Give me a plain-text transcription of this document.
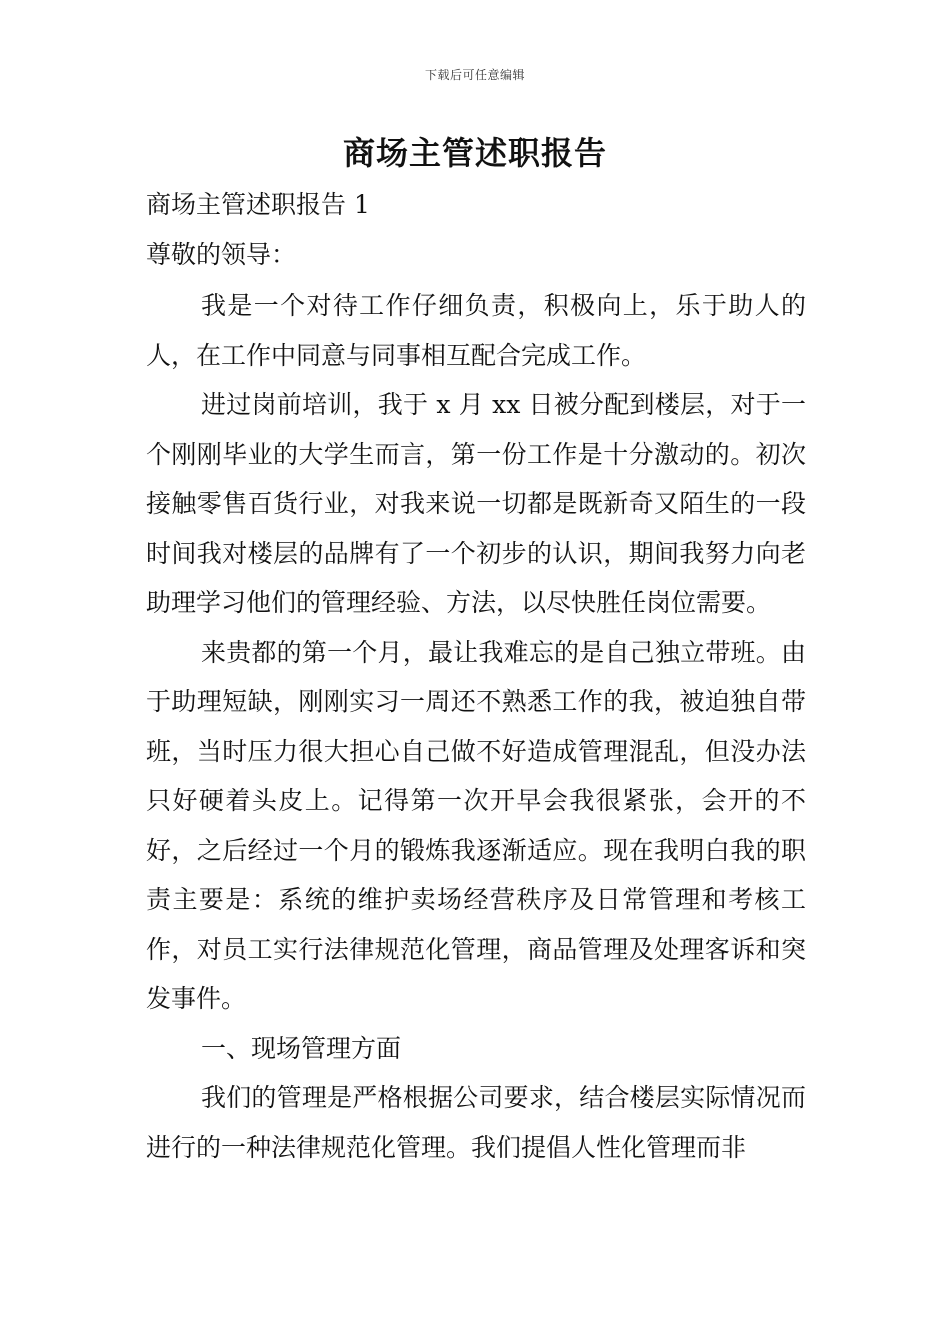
下载后可任意编辑
商场主管述职报告

商场主管述职报告 1

尊敬的领导：

我是一个对待工作仔细负责，积极向上，乐于助人的人，在工作中同意与同事相互配合完成工作。

进过岗前培训，我于 x 月 xx 日被分配到楼层，对于一个刚刚毕业的大学生而言，第一份工作是十分激动的。初次接触零售百货行业，对我来说一切都是既新奇又陌生的一段时间我对楼层的品牌有了一个初步的认识，期间我努力向老助理学习他们的管理经验、方法，以尽快胜任岗位需要。

来贵都的第一个月，最让我难忘的是自己独立带班。由于助理短缺，刚刚实习一周还不熟悉工作的我，被迫独自带班，当时压力很大担心自己做不好造成管理混乱，但没办法只好硬着头皮上。记得第一次开早会我很紧张，会开的不好，之后经过一个月的锻炼我逐渐适应。现在我明白我的职责主要是：系统的维护卖场经营秩序及日常管理和考核工作，对员工实行法律规范化管理，商品管理及处理客诉和突发事件。

一、现场管理方面

我们的管理是严格根据公司要求，结合楼层实际情况而进行的一种法律规范化管理。我们提倡人性化管理而非
